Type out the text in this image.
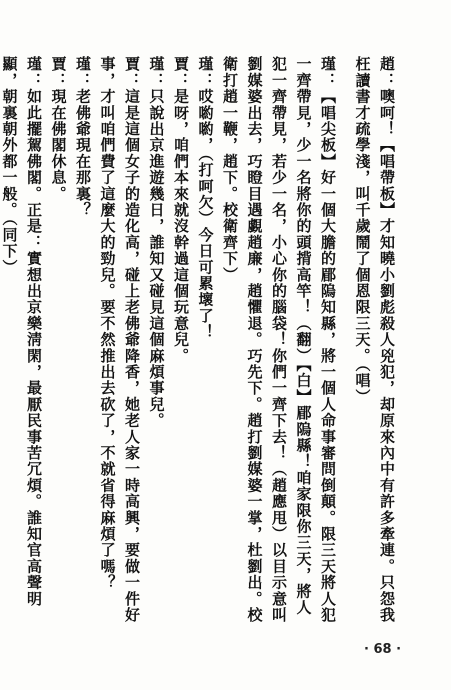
趙：噢呵！【唱帶板】才知曉小劉彪殺人兇犯，却原來內中有許多牽連。只怨我枉讀書才疏學淺，叫千歲鬧了個恩限三天。（唱）
瑾：【唱尖板】好一個大膽的郿隖知縣，將一個人命事審問倒顛。限三天將人犯一齊帶見，少一名將你的頭揹高竿！（翻）【白】郿隖縣！咱家限你三天，將人犯一齊帶見，若少一名，小心你的腦袋！你們一齊下去！（趙應甩）以目示意叫劉媒婆出去，巧瞪目遇覷趙廉，趙懼退。巧先下。趙打劉媒婆一掌，杜劉出。校衛打趙一鞭，趙下。校衛齊下）
瑾：哎喲喲，（打呵欠）今日可累壞了！
賈：是呀，咱們本來就沒幹過這個玩意兒。
瑾：只說出京進遊幾日，誰知又碰見這個麻煩事兒。
賈：這是這個女子的造化高，碰上老佛爺降香，她老人家一時高興，要做一件好事，才叫咱們費了這麼大的勁兒。要不然推出去砍了，不就省得麻煩了嗎？
瑾：老佛爺現在那裏？
賈：現在佛閣休息。
瑾：如此擺駕佛閣。正是：實想出京樂淸閑，最厭民事苦冗煩。誰知官高聲明顯，朝裏朝外都一般。（同下）
· 68 ·
